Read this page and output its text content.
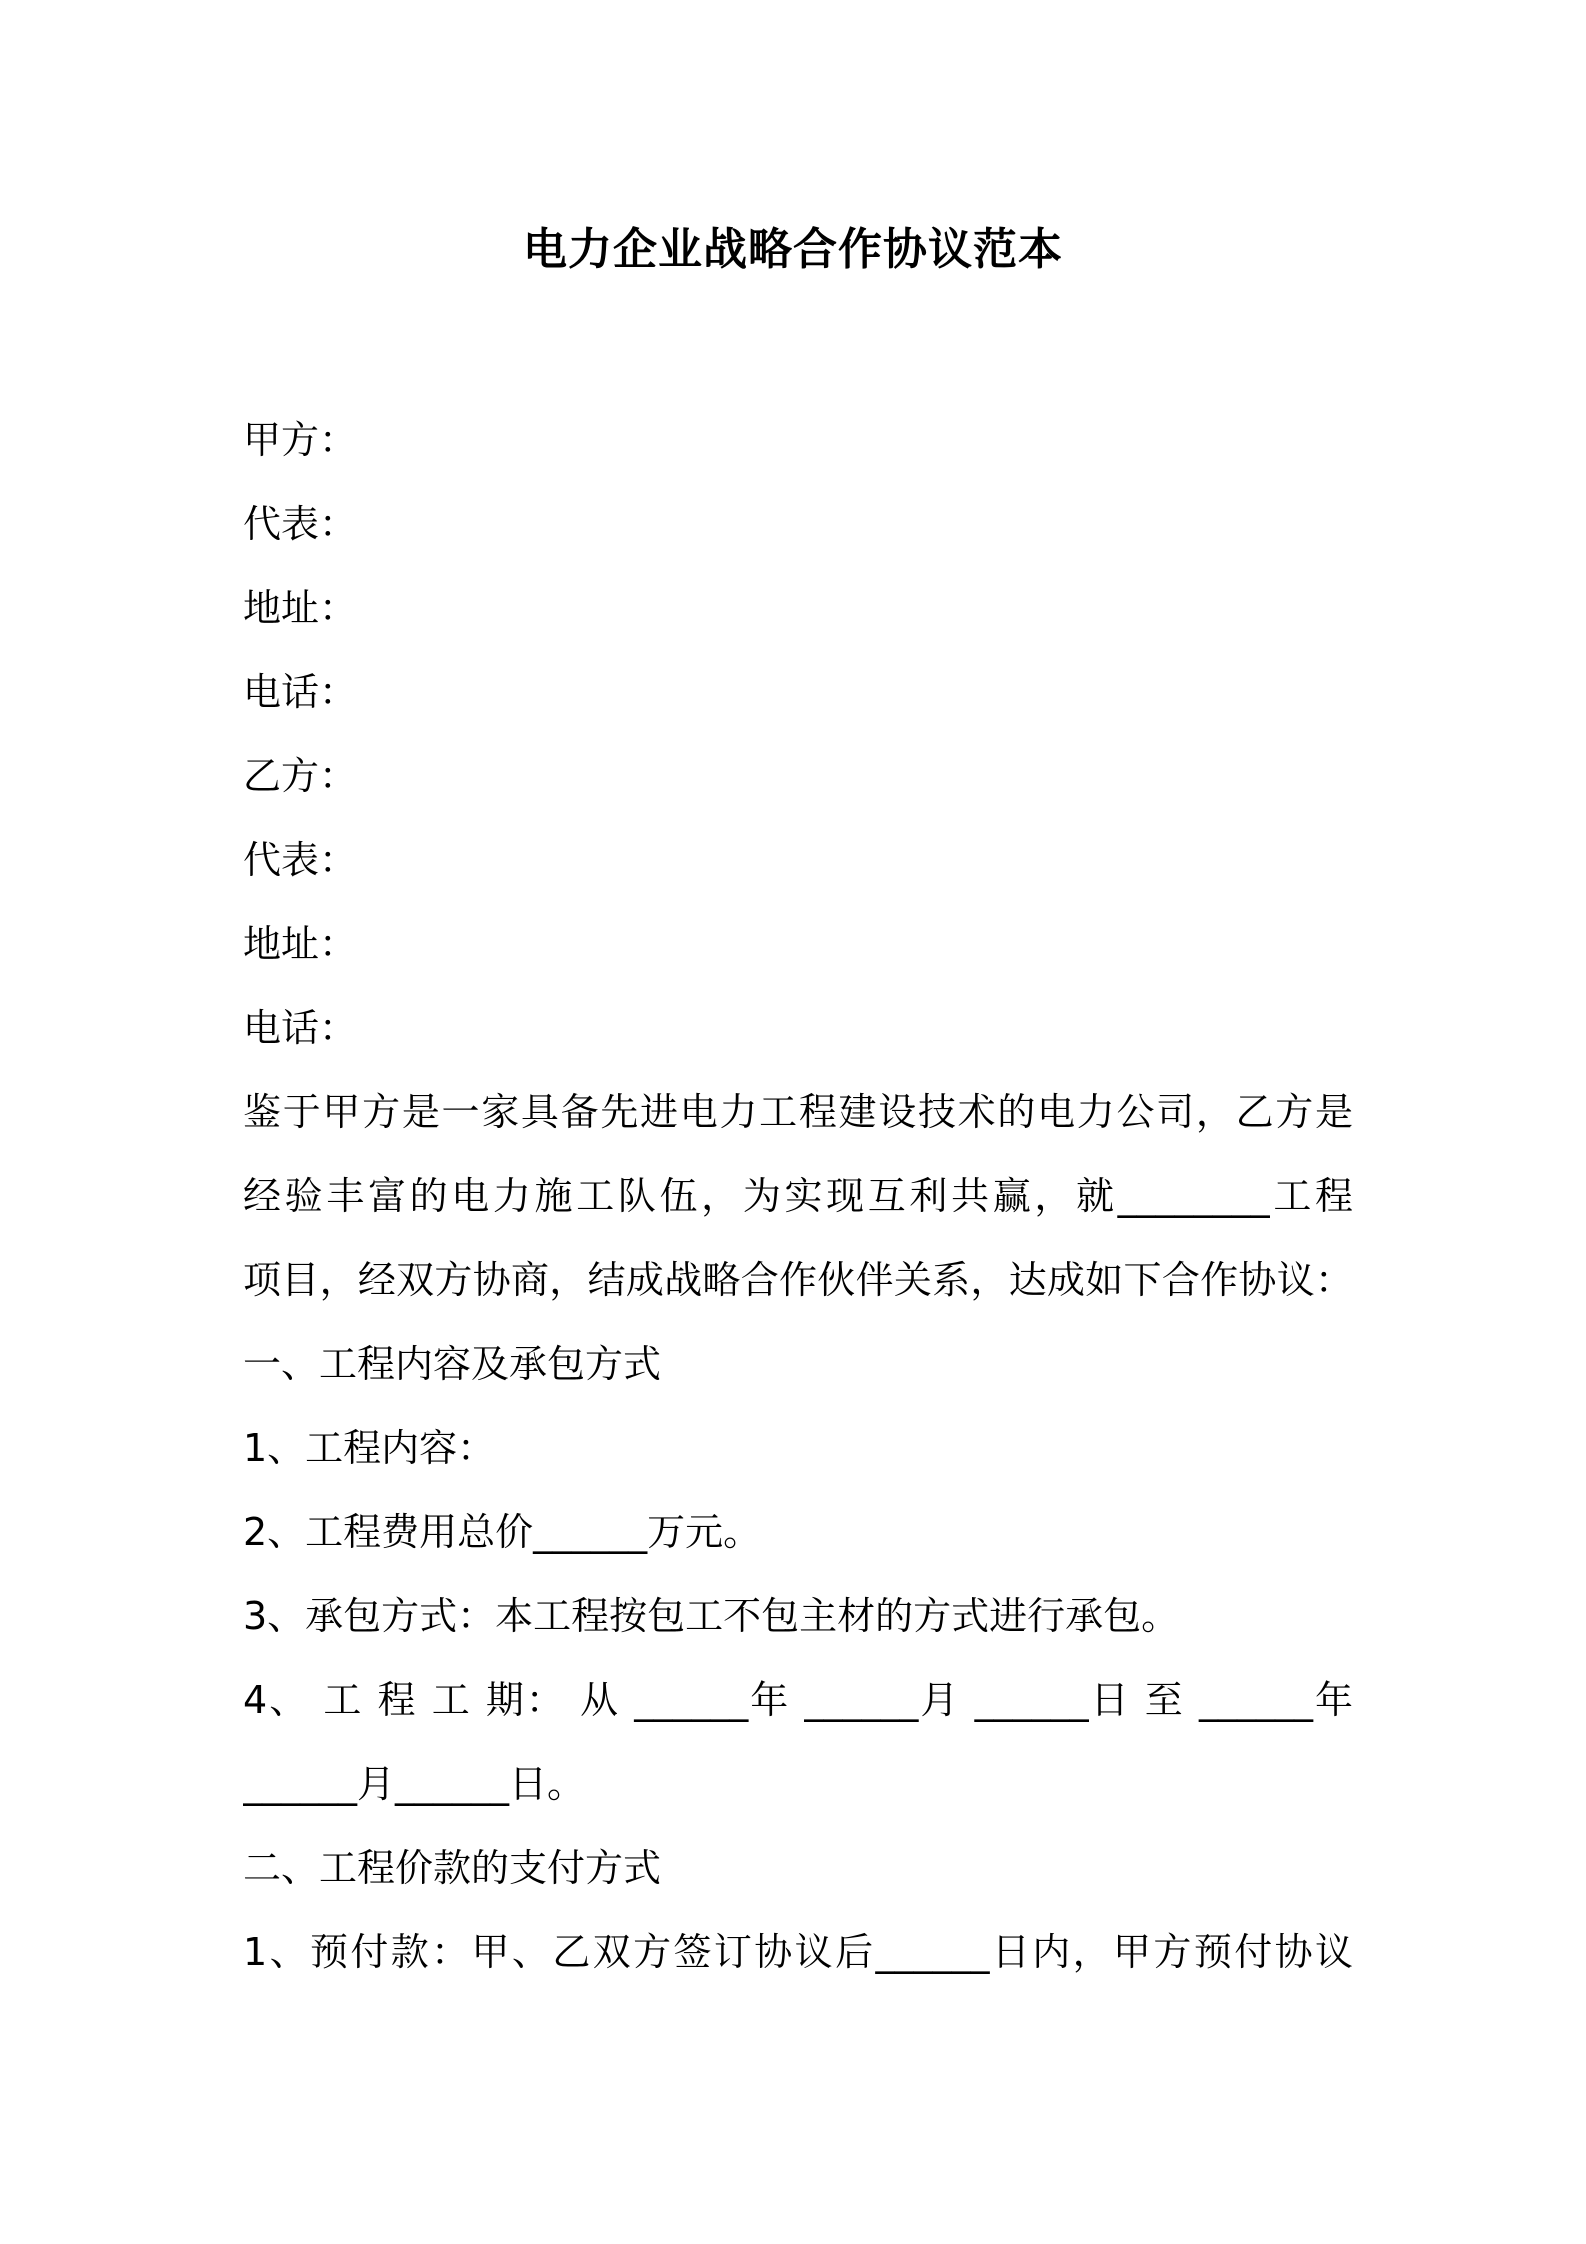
电力企业战略合作协议范本
甲方：
代表：
地址：
电话：
乙方：
代表：
地址：
电话：
鉴于甲方是一家具备先进电力工程建设技术的电力公司，乙方是
经验丰富的电力施工队伍，为实现互利共赢，就________工程
项目，经双方协商，结成战略合作伙伴关系，达成如下合作协议：
一、工程内容及承包方式
1、工程内容：
2、工程费用总价______万元。
3、承包方式：本工程按包工不包主材的方式进行承包。
4、 工 程 工 期： 从 ______年 ______月 ______日 至 ______年
______月______日。
二、工程价款的支付方式
1、预付款：甲、乙双方签订协议后______日内，甲方预付协议
